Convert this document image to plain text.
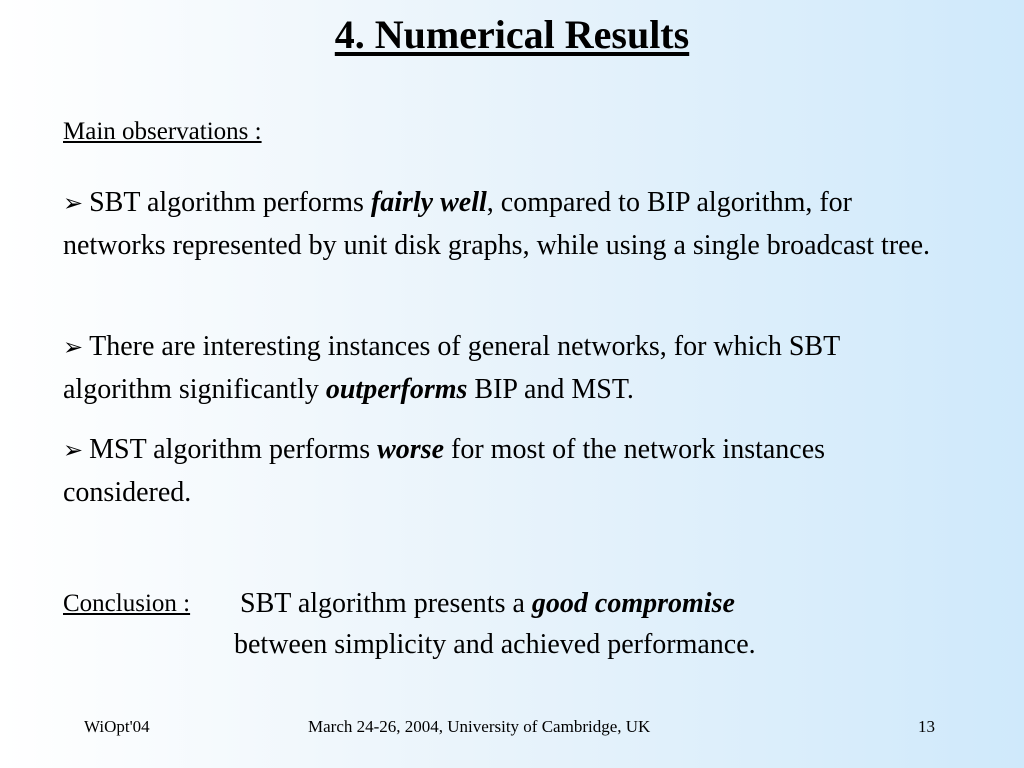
4. Numerical Results
Main observations :
➢ SBT algorithm performs fairly well, compared to BIP algorithm, for networks represented by unit disk graphs, while using a single broadcast tree.
➢ There are interesting instances of general networks, for which SBT algorithm significantly outperforms BIP and MST.
➢ MST algorithm performs worse for most of the network instances considered.
Conclusion : SBT algorithm presents a good compromise
between simplicity and achieved performance.
WiOpt'04	March 24-26, 2004, University of Cambridge, UK	13
